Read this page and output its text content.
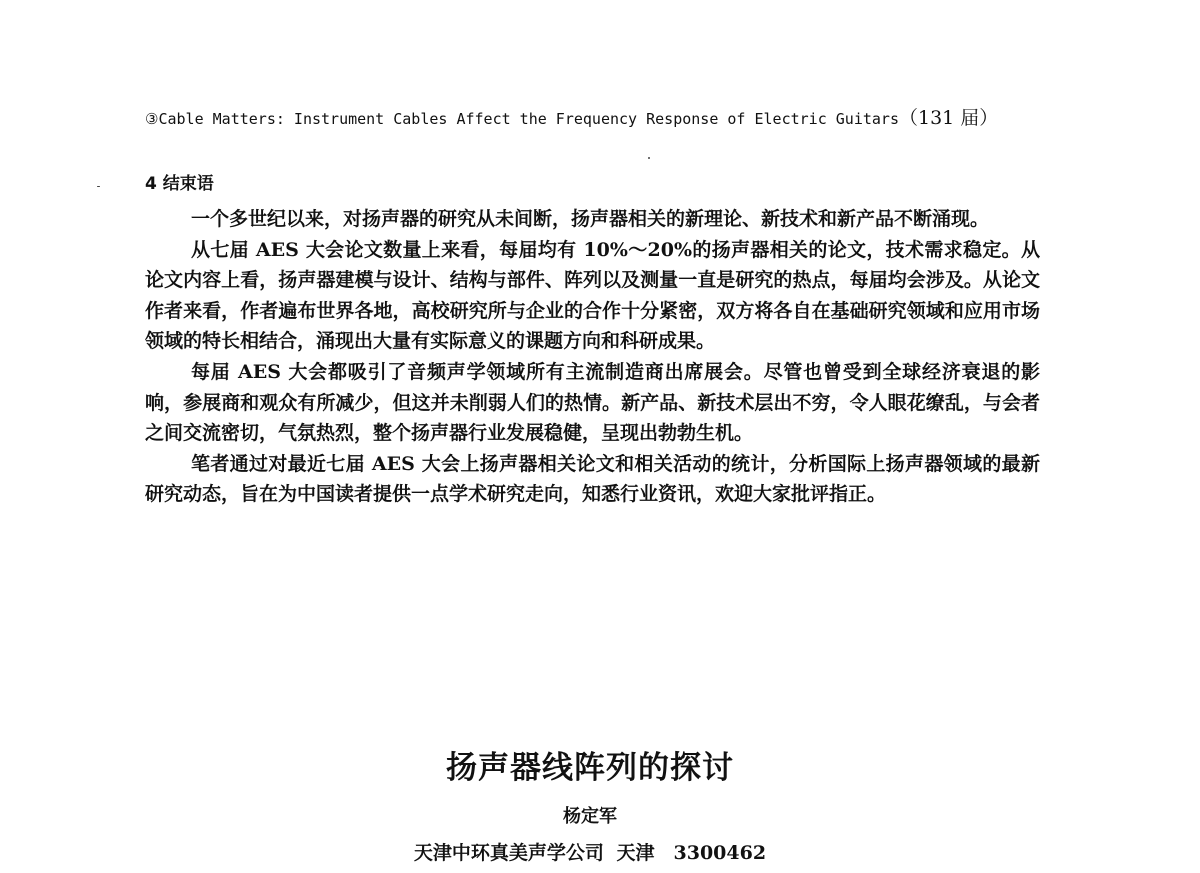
③Cable Matters: Instrument Cables Affect the Frequency Response of Electric Guitars（131 届）
4 结束语

一个多世纪以来，对扬声器的研究从未间断，扬声器相关的新理论、新技术和新产品不断涌现。

从七届 AES 大会论文数量上来看，每届均有 10%～20%的扬声器相关的论文，技术需求稳定。从论文内容上看，扬声器建模与设计、结构与部件、阵列以及测量一直是研究的热点，每届均会涉及。从论文作者来看，作者遍布世界各地，高校研究所与企业的合作十分紧密，双方将各自在基础研究领域和应用市场领域的特长相结合，涌现出大量有实际意义的课题方向和科研成果。

每届 AES 大会都吸引了音频声学领域所有主流制造商出席展会。尽管也曾受到全球经济衰退的影响，参展商和观众有所减少，但这并未削弱人们的热情。新产品、新技术层出不穷，令人眼花缭乱，与会者之间交流密切，气氛热烈，整个扬声器行业发展稳健，呈现出勃勃生机。

笔者通过对最近七届 AES 大会上扬声器相关论文和相关活动的统计，分析国际上扬声器领域的最新研究动态，旨在为中国读者提供一点学术研究走向，知悉行业资讯，欢迎大家批评指正。

扬声器线阵列的探讨
杨定军
天津中环真美声学公司 天津　3300462
